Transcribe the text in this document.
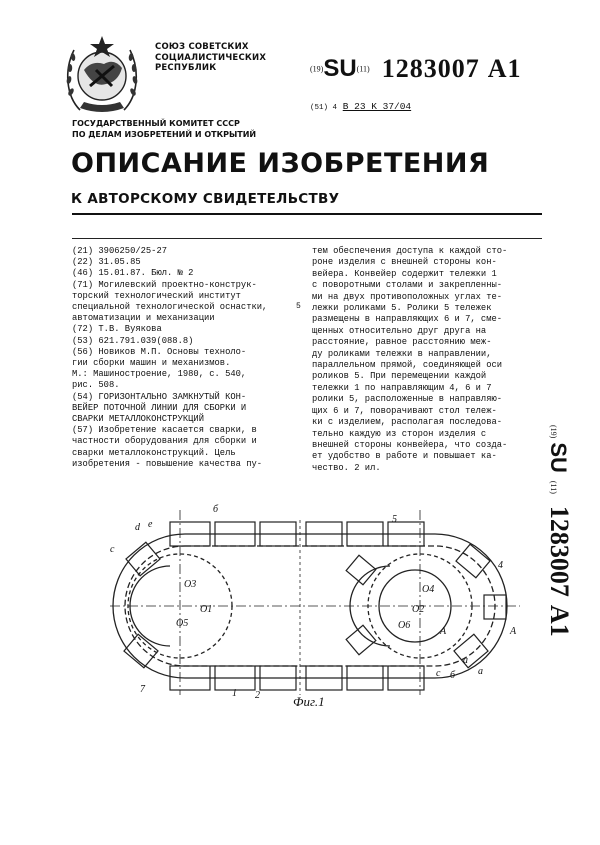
СОЮЗ СОВЕТСКИХ
СОЦИАЛИСТИЧЕСКИХ
РЕСПУБЛИК	(19)SU(11) 1283007 A1
(51) 4 B 23 K 37/04
ГОСУДАРСТВЕННЫЙ КОМИТЕТ СССР
ПО ДЕЛАМ ИЗОБРЕТЕНИЙ И ОТКРЫТИЙ
ОПИСАНИЕ ИЗОБРЕТЕНИЯ
К АВТОРСКОМУ СВИДЕТЕЛЬСТВУ
(21) 3906250/25-27
(22) 31.05.85
(46) 15.01.87. Бюл. № 2
(71) Могилевский проектно-конструк-
торский технологический институт
специальной технологической оснастки,
автоматизации и механизации
(72) Т.В. Вуякова
(53) 621.791.039(088.8)
(56) Новиков М.П. Основы техноло-
гии сборки машин и механизмов.
М.: Машиностроение, 1980, с. 540,
рис. 508.
(54) ГОРИЗОНТАЛЬНО ЗАМКНУТЫЙ КОН-
ВЕЙЕР ПОТОЧНОЙ ЛИНИИ ДЛЯ СБОРКИ И
СВАРКИ МЕТАЛЛОКОНСТРУКЦИЙ
(57) Изобретение касается сварки, в
частности оборудования для сборки и
сварки металлоконструкций. Цель
изобретения - повышение качества пу-
5
тем обеспечения доступа к каждой сто-
роне изделия с внешней стороны кон-
вейера. Конвейер содержит тележки 1
с поворотными столами и закрепленны-
ми на двух противоположных углах те-
лежки роликами 5. Ролики 5 тележек
размещены в направляющих 6 и 7, сме-
щенных относительно друг друга на
расстояние, равное расстоянию меж-
ду роликами тележки в направлении,
параллельном прямой, соединяющей оси
роликов 5. При перемещении каждой
тележки 1 по направляющим 4, 6 и 7
ролики 5, расположенные в направляю-
щих 6 и 7, поворачивают стол тележ-
ки с изделием, располагая последова-
тельно каждую из сторон изделия с
внешней стороны конвейера, что созда-
ет удобство в работе и повышает ка-
чество. 2 ил.
(19) SU  (11)   1283007  A1
c
d e
б
5
4
O3
O1
O5
O4
O2
O6
A	A
7	1 2
a
c б a
Фиг.1
